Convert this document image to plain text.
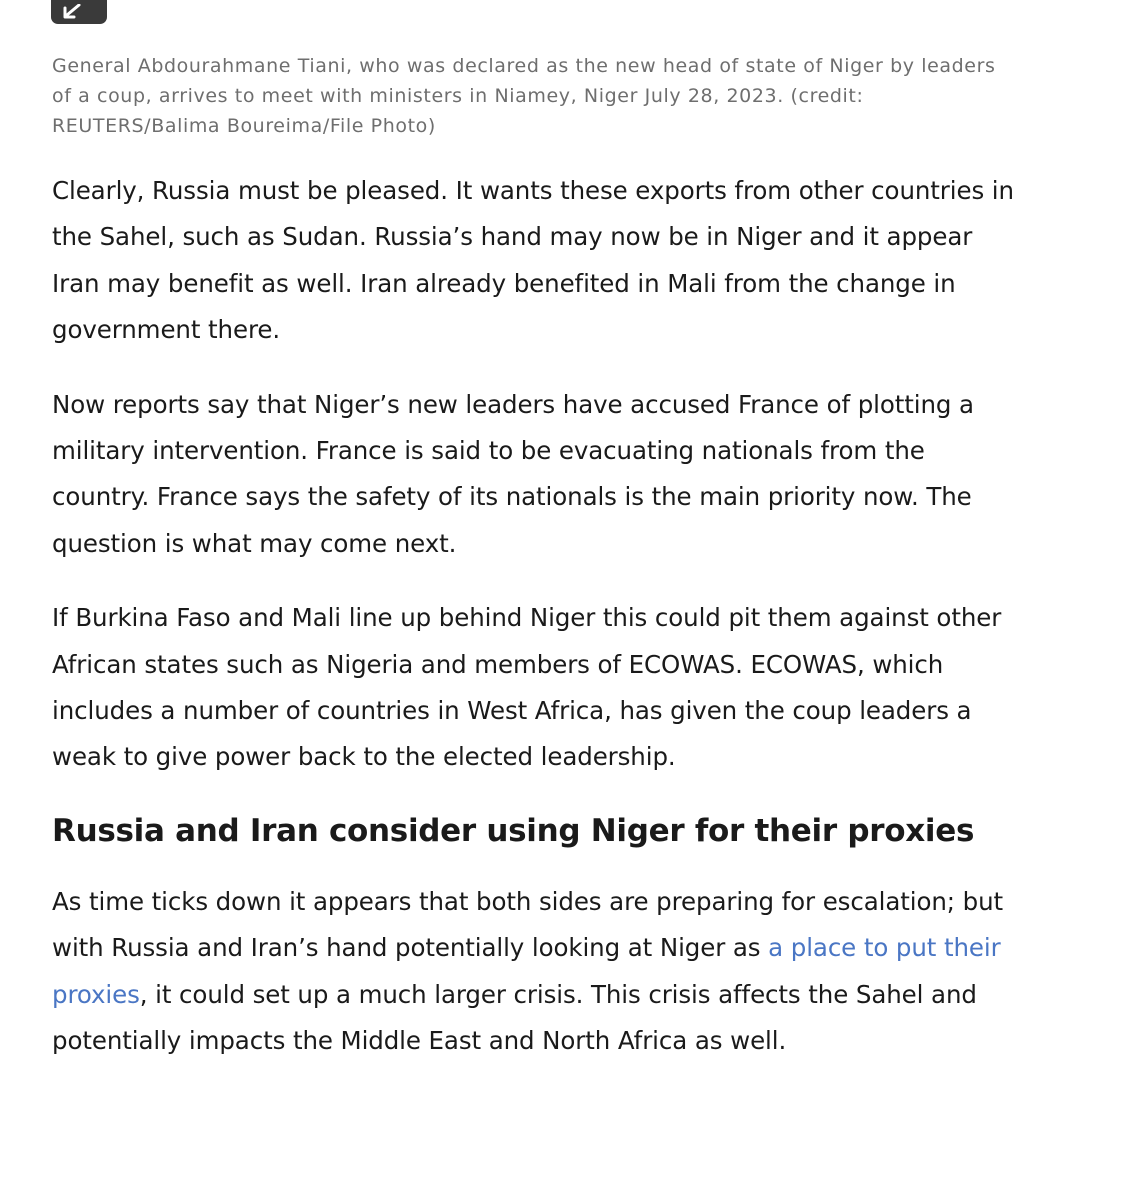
General Abdourahmane Tiani, who was declared as the new head of state of Niger by leaders of a coup, arrives to meet with ministers in Niamey, Niger July 28, 2023. (credit: REUTERS/Balima Boureima/File Photo)

Clearly, Russia must be pleased. It wants these exports from other countries in the Sahel, such as Sudan. Russia’s hand may now be in Niger and it appear Iran may benefit as well. Iran already benefited in Mali from the change in government there.

Now reports say that Niger’s new leaders have accused France of plotting a military intervention. France is said to be evacuating nationals from the country. France says the safety of its nationals is the main priority now. The question is what may come next.

If Burkina Faso and Mali line up behind Niger this could pit them against other African states such as Nigeria and members of ECOWAS. ECOWAS, which includes a number of countries in West Africa, has given the coup leaders a weak to give power back to the elected leadership.

Russia and Iran consider using Niger for their proxies

As time ticks down it appears that both sides are preparing for escalation; but with Russia and Iran’s hand potentially looking at Niger as a place to put their proxies, it could set up a much larger crisis. This crisis affects the Sahel and potentially impacts the Middle East and North Africa as well.
